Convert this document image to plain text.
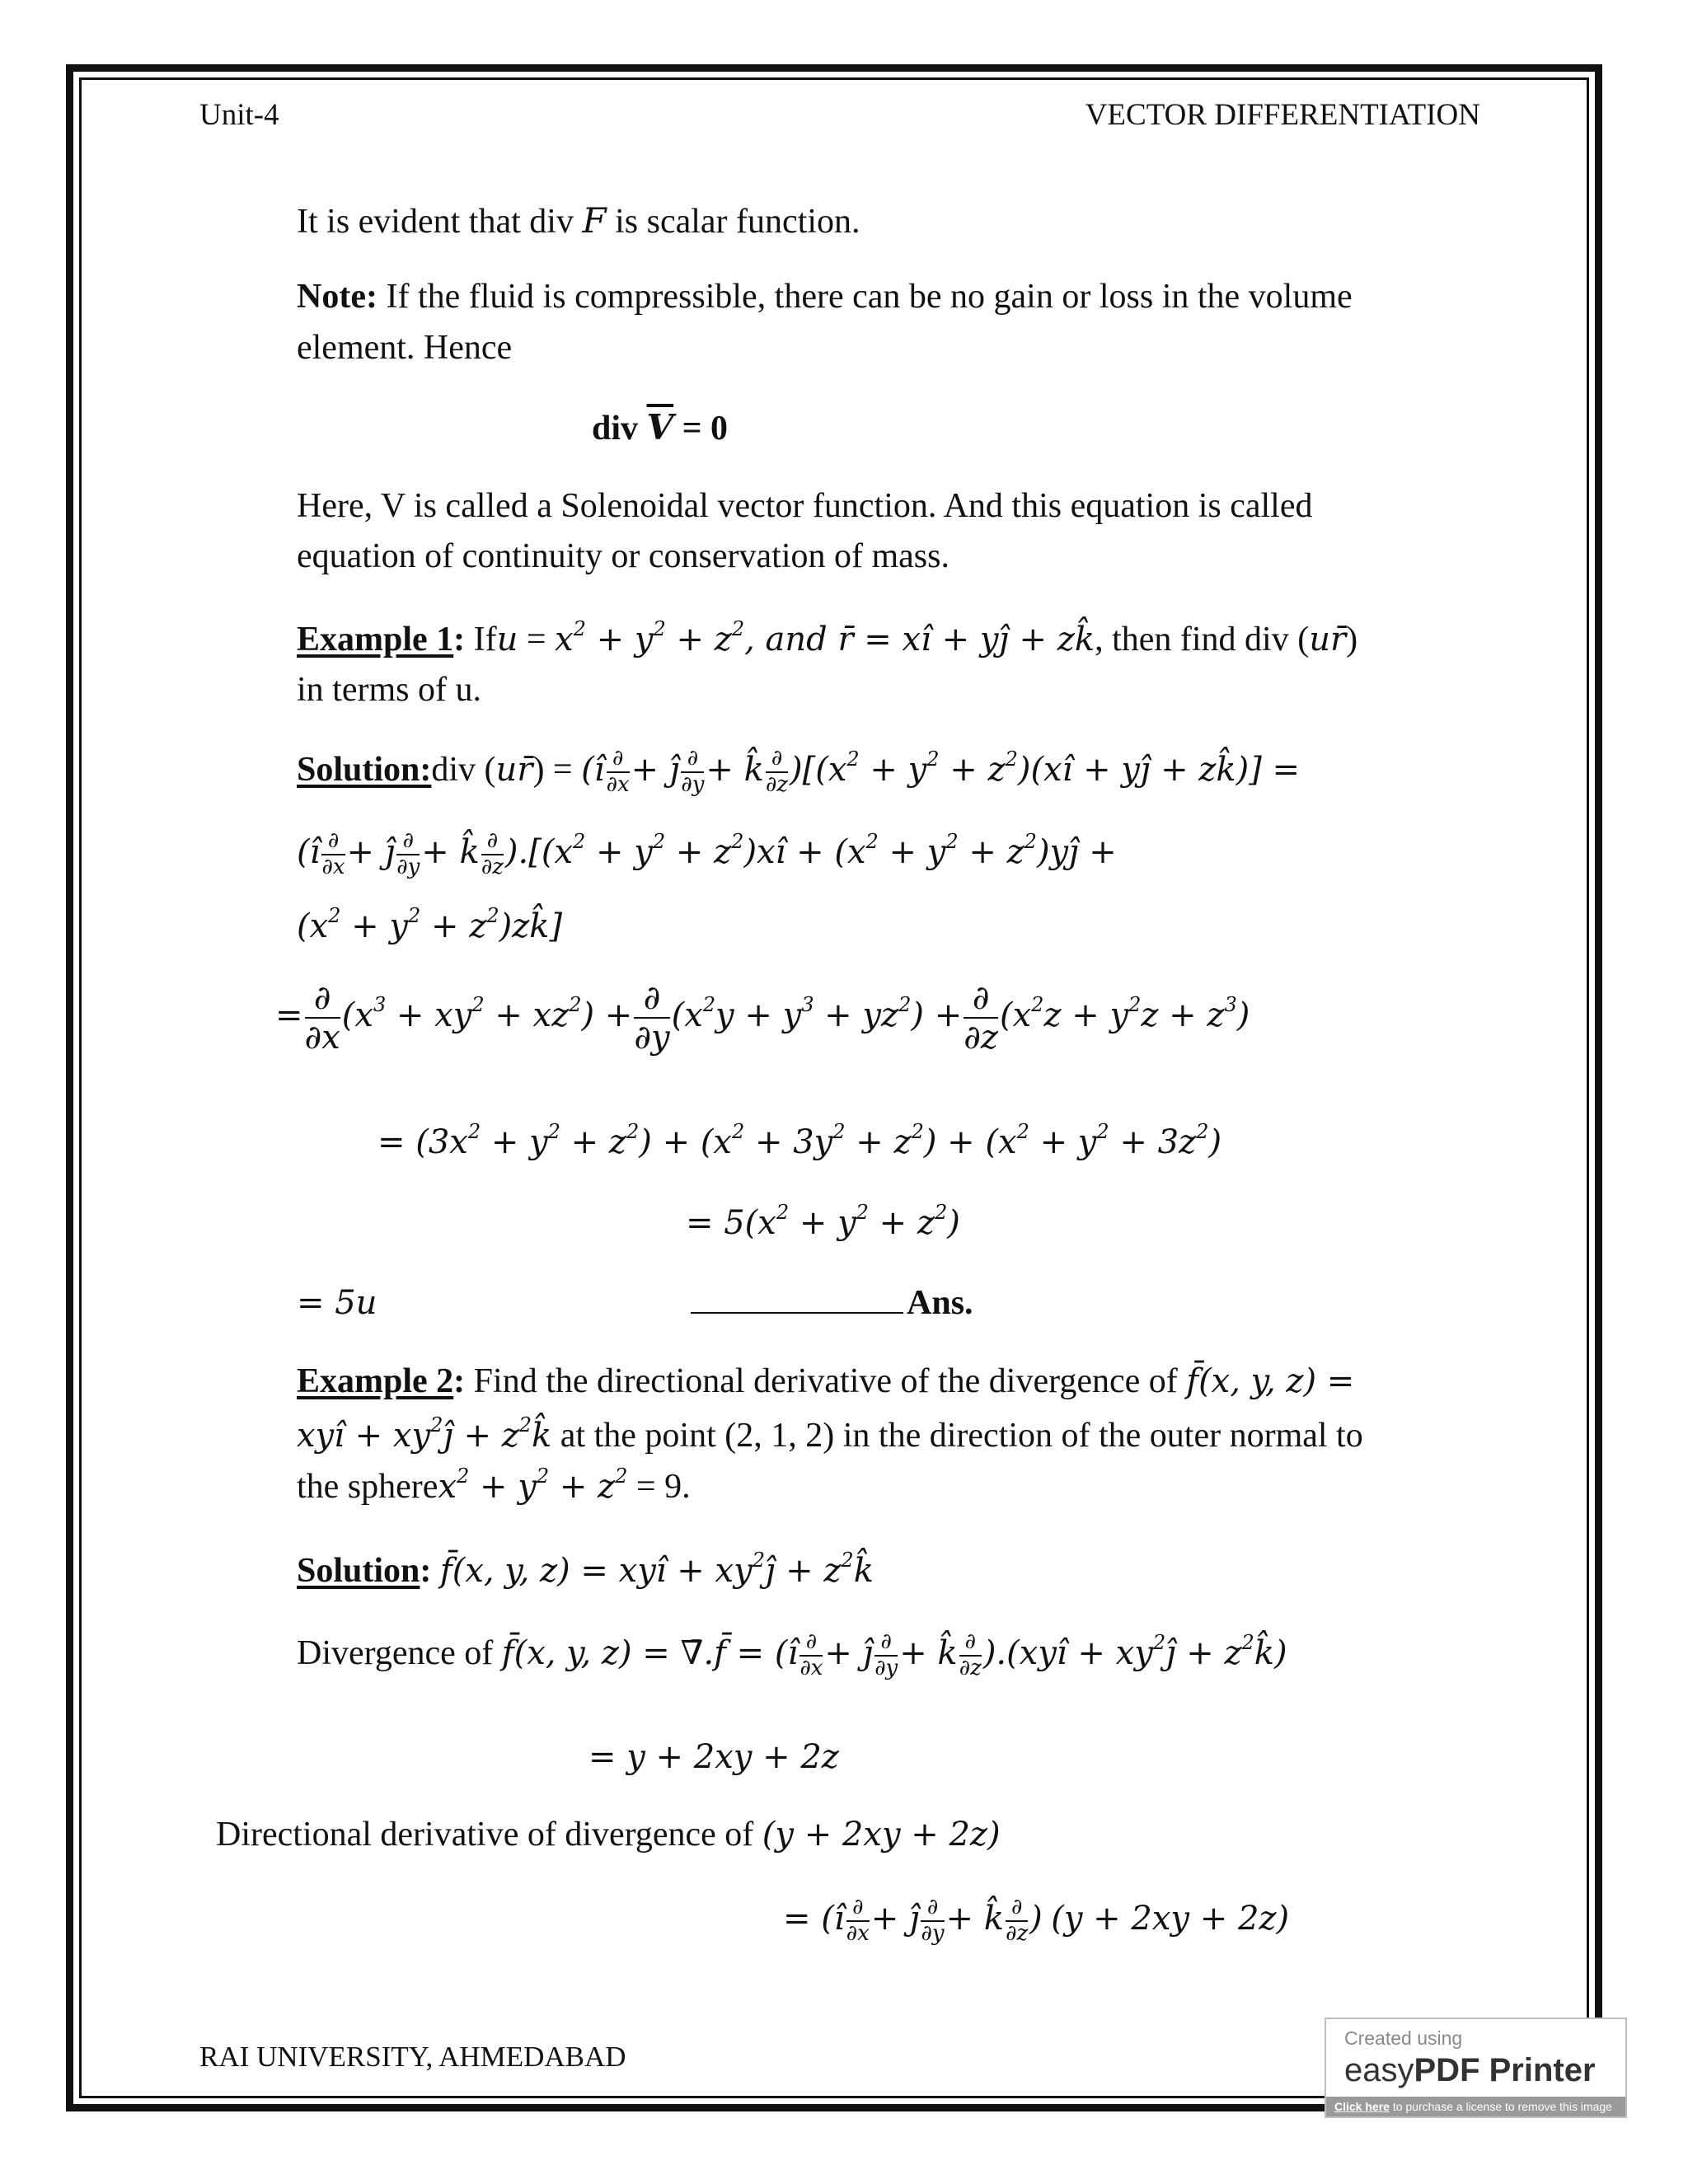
Unit-4	VECTOR DIFFERENTIATION
It is evident that div F is scalar function.
Note: If the fluid is compressible, there can be no gain or loss in the volume
element. Hence
div $\overline{V} = 0$
Here, V is called a Solenoidal vector function. And this equation is called
equation of continuity or conservation of mass.
Example 1: Ifu = $x^2 + y^2 + z^2$, and r̄ = xî + yĵ + zk̂, then find div (ur̄)
in terms of u.
Solution:div (ur̄) = (î $\frac{\partial}{\partial x}$ + ĵ $\frac{\partial}{\partial y}$ + k̂ $\frac{\partial}{\partial z} )[(x^2 + y^2$ + $z^2)(xî$ + yĵ + zk̂)] =
(î $\frac{\partial}{\partial x}$ + ĵ $\frac{\partial}{\partial y}$ + k̂ $\frac{\partial}{\partial z} ).[(x^2 + y^2$ + $z^2)xî + (x^2 + y^2$ + $z^2)yĵ$ +
($x^2 + y^2$ + $z^2)zk̂$]
= $\frac{\partial}{\partial x} (x^3 + xy^2 + xz^2) + \frac{\partial}{\partial y} (x^2y + y^3 + yz^2) + \frac{\partial}{\partial z} (x^2z + y^2z + z^3)$
= $(3x^2 + y^2 + z^2) + (x^2 + 3y^2 + z^2) + (x^2 + y^2 + 3z^2)$
= $5(x^2 + y^2 + z^2)$
= 5u	Ans.
Example 2: Find the directional derivative of the divergence of f̄(x, y, z) =
xyî + $xy^2ĵ$ + $z^2k̂$ at the point (2, 1, 2) in the direction of the outer normal to
the spherex$^2$ + $y^2 + z^2 = 9$.
Solution: f̄(x, y, z) = xyî + $xy^2ĵ$ + $z^2k̂$
Divergence of f̄(x, y, z) = ∇̄.f̄ = (î $\frac{\partial}{\partial x}$ + ĵ $\frac{\partial}{\partial y}$ + k̂ $\frac{\partial}{\partial z}$ ).(xyî + $xy^2ĵ$ + $z^2k̂$)
= y + 2xy + 2z
Directional derivative of divergence of (y + 2xy + 2z)
= (î $\frac{\partial}{\partial x}$ + ĵ $\frac{\partial}{\partial y}$ + k̂ $\frac{\partial}{\partial z}$ ) (y + 2xy + 2z)
RAI UNIVERSITY, AHMEDABAD
Created using
easyPDF Printer
Click here to purchase a license to remove this image
